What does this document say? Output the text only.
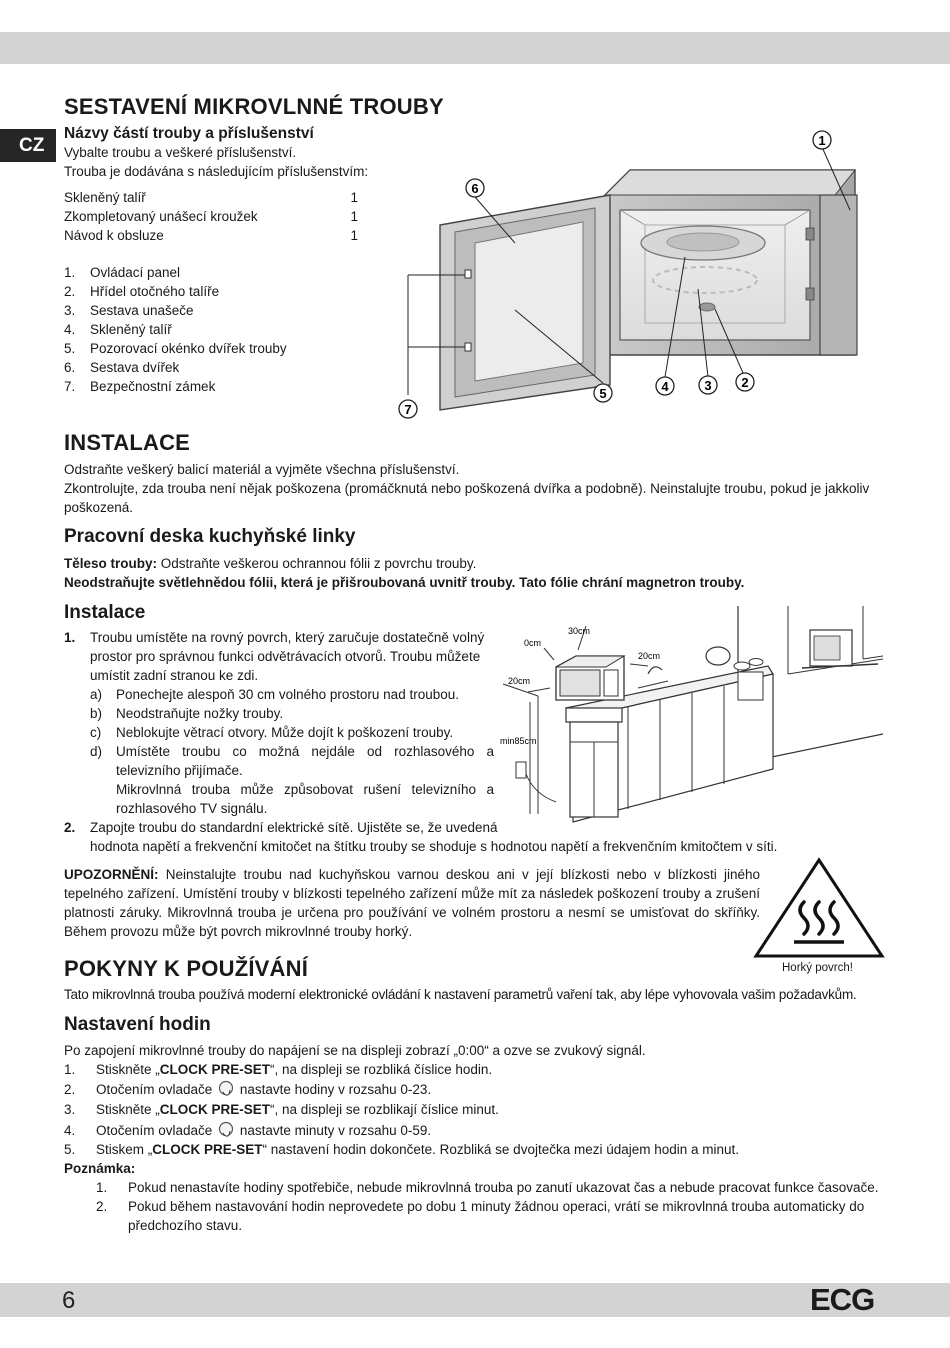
CZ
SESTAVENÍ MIKROVLNNÉ TROUBY
Názvy částí trouby a příslušenství
Vybalte troubu a veškeré příslušenství.
Trouba je dodávána s následujícím příslušenstvím:
Skleněný talíř	1
Zkompletovaný unášecí kroužek	1
Návod k obsluze	1
1. Ovládací panel
2. Hřídel otočného talíře
3. Sestava unašeče
4. Skleněný talíř
5. Pozorovací okénko dvířek trouby
6. Sestava dvířek
7. Bezpečnostní zámek
1
6
7
5	4	3 2
INSTALACE
Odstraňte veškerý balicí materiál a vyjměte všechna příslušenství.
Zkontrolujte, zda trouba není nějak poškozena (promáčknutá nebo poškozená dvířka a podobně). Neinstalujte troubu, pokud je jakkoliv poškozená.
Pracovní deska kuchyňské linky
Těleso trouby: Odstraňte veškerou ochrannou fólii z povrchu trouby.
Neodstraňujte světlehnědou fólii, která je přišroubovaná uvnitř trouby. Tato fólie chrání magnetron trouby.
Instalace
1. Troubu umístěte na rovný povrch, který zaručuje dostatečně volný
prostor pro správnou funkci odvětrávacích otvorů. Troubu můžete
umístit zadní stranou ke zdi.
a) Ponechejte alespoň 30 cm volného prostoru nad troubou.
b) Neodstraňujte nožky trouby.
c) Neblokujte větrací otvory. Může dojít k poškození trouby.
d) Umístěte troubu co možná nejdále od rozhlasového a televizního přijímače.
Mikrovlnná trouba může způsobovat rušení televizního a rozhlasového TV signálu.
2. Zapojte troubu do standardní elektrické sítě. Ujistěte se, že uvedená
hodnota napětí a frekvenční kmitočet na štítku trouby se shoduje s hodnotou napětí a frekvenčním kmitočtem v síti.
30cm
0cm
20cm
20cm
min85cm
UPOZORNĚNÍ: Neinstalujte troubu nad kuchyňskou varnou deskou ani v její blízkosti nebo v blízkosti jiného tepelného zařízení. Umístění trouby v blízkosti tepelného zařízení může mít za následek poškození trouby a zrušení platnosti záruky. Mikrovlnná trouba je určena pro používání ve volném prostoru a nesmí se umisťovat do skříňky. Během provozu může být povrch mikrovlnné trouby horký.
Horký povrch!
POKYNY K POUŽÍVÁNÍ
Tato mikrovlnná trouba používá moderní elektronické ovládání k nastavení parametrů vaření tak, aby lépe vyhovovala vašim požadavkům.
Nastavení hodin
Po zapojení mikrovlnné trouby do napájení se na displeji zobrazí „0:00“ a ozve se zvukový signál.
1. Stiskněte „CLOCK PRE-SET“, na displeji se rozbliká číslice hodin.
2. Otočením ovladače  nastavte hodiny v rozsahu 0-23.
3. Stiskněte „CLOCK PRE-SET“, na displeji se rozblikají číslice minut.
4. Otočením ovladače  nastavte minuty v rozsahu 0-59.
5. Stiskem „CLOCK PRE-SET“ nastavení hodin dokončete. Rozbliká se dvojtečka mezi údajem hodin a minut.
Poznámka:
1. Pokud nenastavíte hodiny spotřebiče, nebude mikrovlnná trouba po zanutí ukazovat čas a nebude pracovat funkce časovače.
2. Pokud během nastavování hodin neprovedete po dobu 1 minuty žádnou operaci, vrátí se mikrovlnná trouba automaticky do předchozího stavu.
6	ECG
